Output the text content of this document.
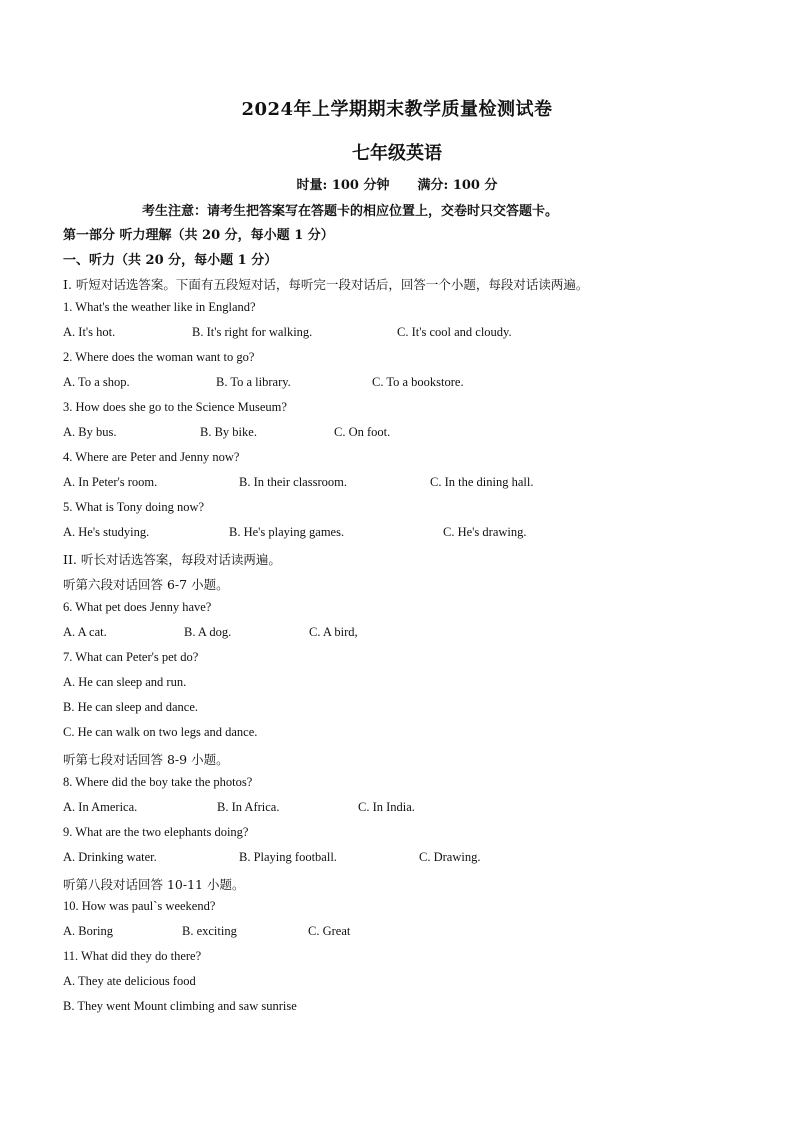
2024年上学期期末教学质量检测试卷
七年级英语
时量: 100 分钟 满分: 100 分
考生注意：请考生把答案写在答题卡的相应位置上，交卷时只交答题卡。
第一部分 听力理解（共 20 分，每小题 1 分）
一、听力（共 20 分，每小题 1 分）
I. 听短对话选答案。下面有五段短对话，每听完一段对话后，回答一个小题，每段对话读两遍。
1. What's the weather like in England?
A. It's hot.	B. It's right for walking.	C. It's cool and cloudy.
2. Where does the woman want to go?
A. To a shop.	B. To a library.	C. To a bookstore.
3. How does she go to the Science Museum?
A. By bus.	B. By bike.	C. On foot.
4. Where are Peter and Jenny now?
A. In Peter's room.	B. In their classroom.	C. In the dining hall.
5. What is Tony doing now?
A. He's studying.	B. He's playing games.	C. He's drawing.
II. 听长对话选答案，每段对话读两遍。
听第六段对话回答 6-7 小题。
6. What pet does Jenny have?
A. A cat.	B. A dog.	C. A bird,
7. What can Peter's pet do?
A. He can sleep and run.
B. He can sleep and dance.
C. He can walk on two legs and dance.
听第七段对话回答 8-9 小题。
8. Where did the boy take the photos?
A. In America.	B. In Africa.	C. In India.
9. What are the two elephants doing?
A. Drinking water.	B. Playing football.	C. Drawing.
听第八段对话回答 10-11 小题。
10. How was paul`s weekend?
A. Boring	B. exciting	C. Great
11. What did they do there?
A. They ate delicious food
B. They went Mount climbing and saw sunrise
